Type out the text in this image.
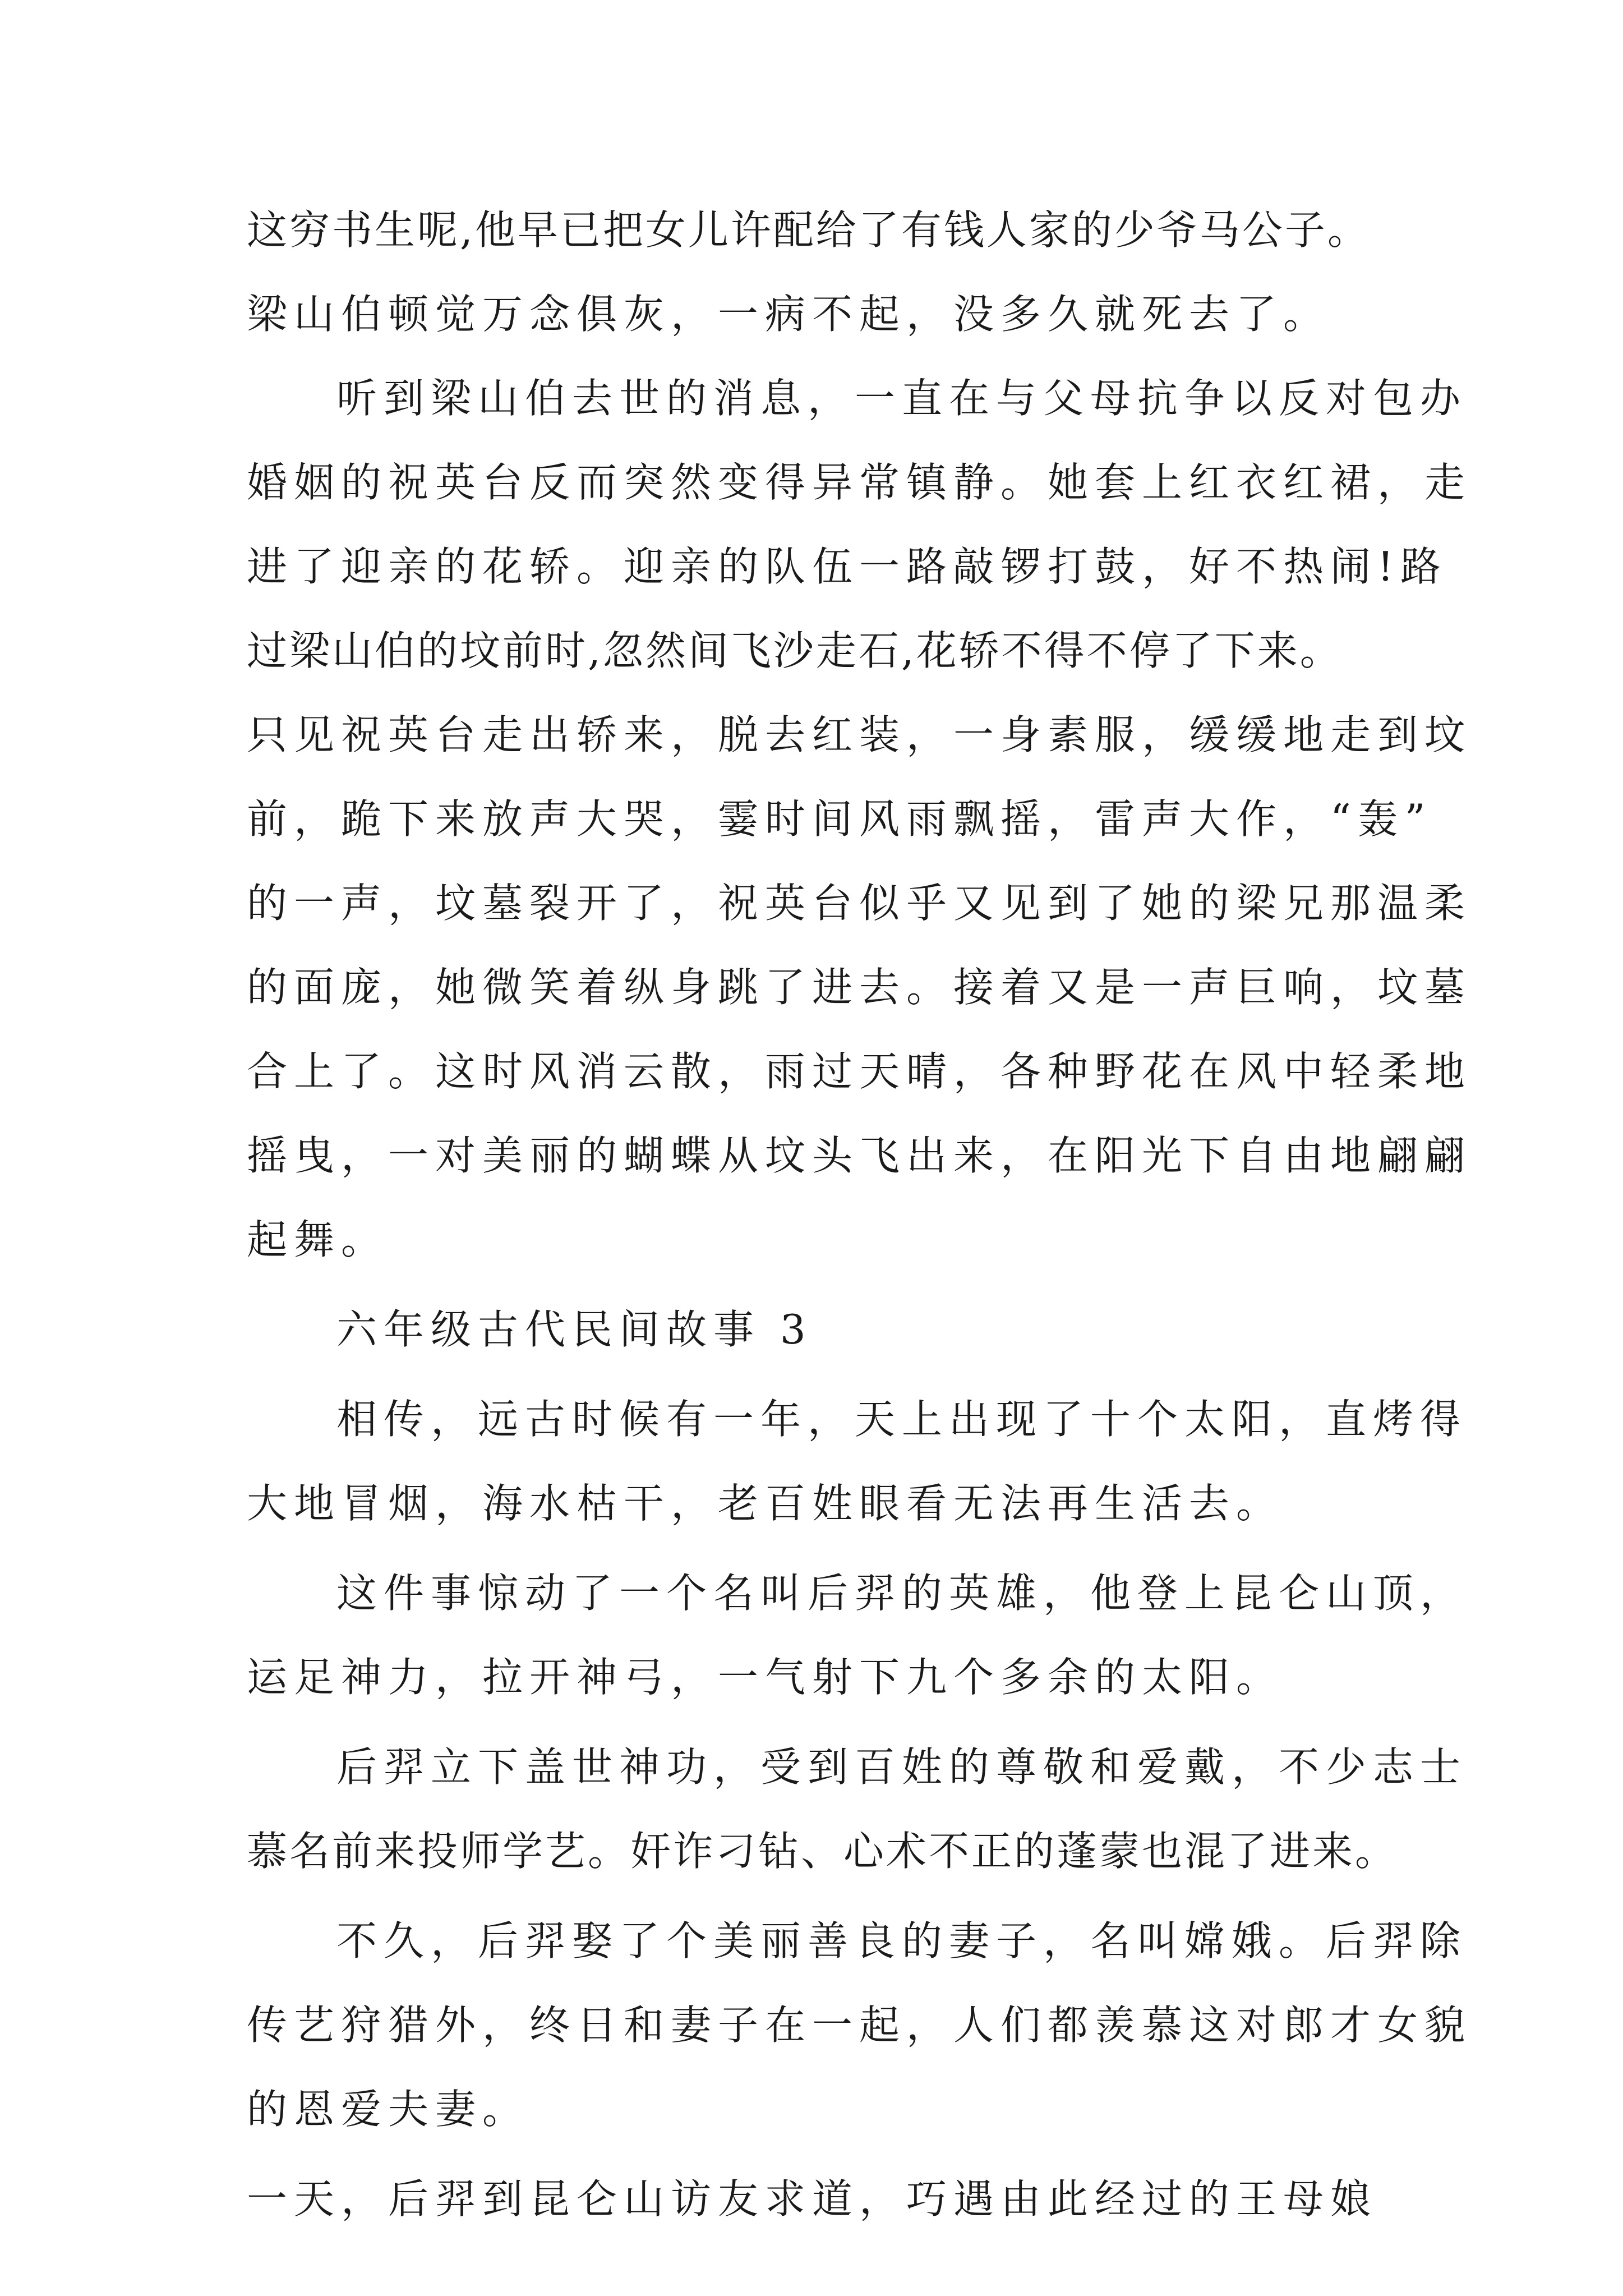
这穷书生呢,他早已把女儿许配给了有钱人家的少爷马公子。
梁山伯顿觉万念俱灰，一病不起，没多久就死去了。
听到梁山伯去世的消息，一直在与父母抗争以反对包办
婚姻的祝英台反而突然变得异常镇静。她套上红衣红裙，走
进了迎亲的花轿。迎亲的队伍一路敲锣打鼓，好不热闹!路
过梁山伯的坟前时,忽然间飞沙走石,花轿不得不停了下来。
只见祝英台走出轿来，脱去红装，一身素服，缓缓地走到坟
前，跪下来放声大哭，霎时间风雨飘摇，雷声大作，“轰”
的一声，坟墓裂开了，祝英台似乎又见到了她的梁兄那温柔
的面庞，她微笑着纵身跳了进去。接着又是一声巨响，坟墓
合上了。这时风消云散，雨过天晴，各种野花在风中轻柔地
摇曳，一对美丽的蝴蝶从坟头飞出来，在阳光下自由地翩翩
起舞。
六年级古代民间故事 3
相传，远古时候有一年，天上出现了十个太阳，直烤得
大地冒烟，海水枯干，老百姓眼看无法再生活去。
这件事惊动了一个名叫后羿的英雄，他登上昆仑山顶，
运足神力，拉开神弓，一气射下九个多余的太阳。
后羿立下盖世神功，受到百姓的尊敬和爱戴，不少志士
慕名前来投师学艺。奸诈刁钻、心术不正的蓬蒙也混了进来。
不久，后羿娶了个美丽善良的妻子，名叫嫦娥。后羿除
传艺狩猎外，终日和妻子在一起，人们都羡慕这对郎才女貌
的恩爱夫妻。
一天，后羿到昆仑山访友求道，巧遇由此经过的王母娘
